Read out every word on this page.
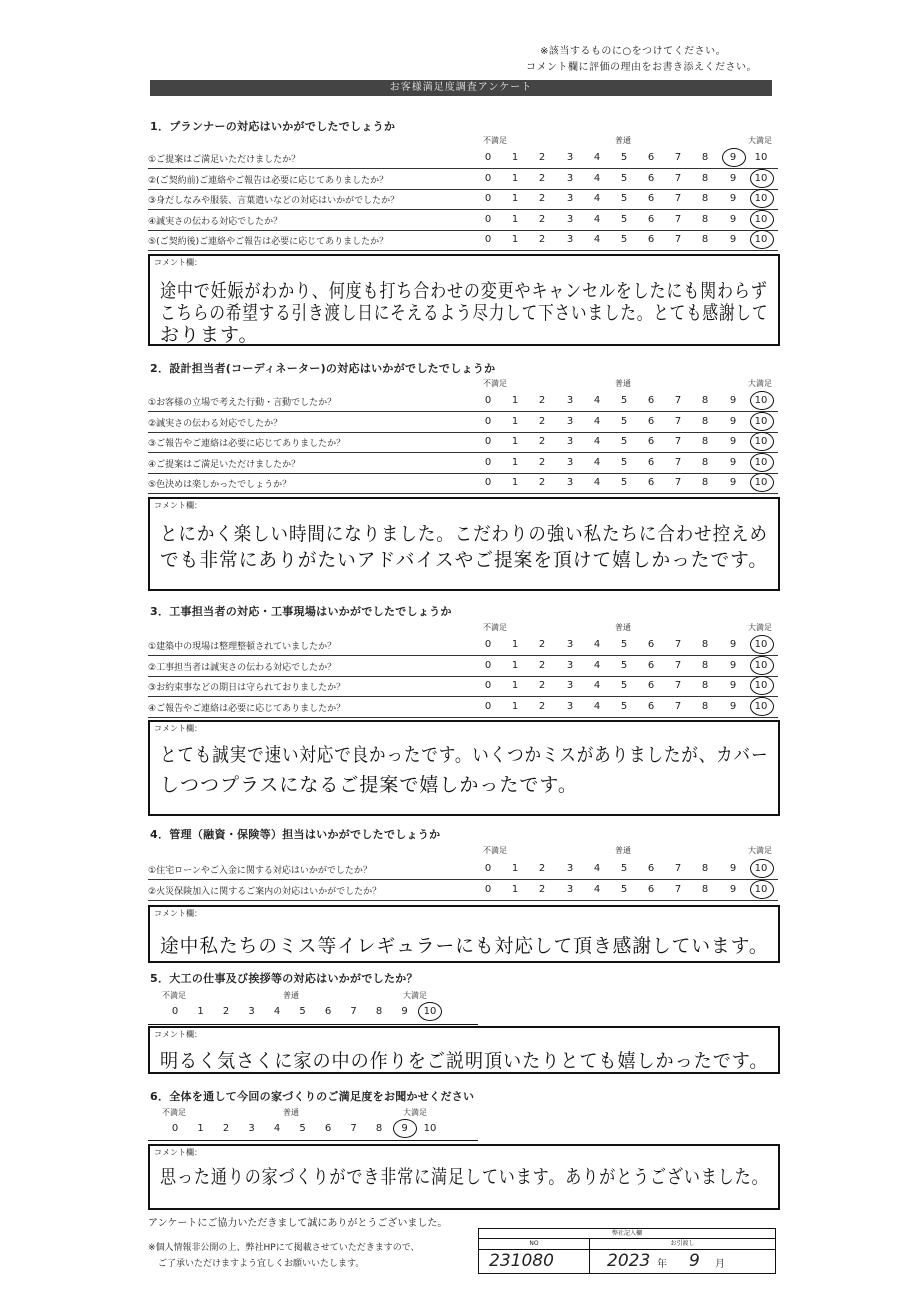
※該当するものに○をつけてください。
コメント欄に評価の理由をお書き添えください。
お客様満足度調査アンケート
1．プランナーの対応はいかがでしたでしょうか
不満足	普通	大満足
①ご提案はご満足いただけましたか？	0	1	2	3	4	5	6	7	8	9	10
②(ご契約前)ご連絡やご報告は必要に応じてありましたか？	0	1	2	3	4	5	6	7	8	9	10
③身だしなみや服装、言葉遣いなどの対応はいかがでしたか？	0	1	2	3	4	5	6	7	8	9	10
④誠実さの伝わる対応でしたか？	0	1	2	3	4	5	6	7	8	9	10
⑤(ご契約後)ご連絡やご報告は必要に応じてありましたか？	0	1	2	3	4	5	6	7	8	9	10
コメント欄：
途中で妊娠がわかり、何度も打ち合わせの変更やキャンセルをしたにも関わらず
こちらの希望する引き渡し日にそえるよう尽力して下さいました。とても感謝して
おります。
2．設計担当者(コーディネーター)の対応はいかがでしたでしょうか
不満足	普通	大満足
①お客様の立場で考えた行動・言動でしたか？	0	1	2	3	4	5	6	7	8	9	10
②誠実さの伝わる対応でしたか？	0	1	2	3	4	5	6	7	8	9	10
③ご報告やご連絡は必要に応じてありましたか？	0	1	2	3	4	5	6	7	8	9	10
④ご提案はご満足いただけましたか？	0	1	2	3	4	5	6	7	8	9	10
⑤色決めは楽しかったでしょうか？	0	1	2	3	4	5	6	7	8	9	10
コメント欄：
とにかく楽しい時間になりました。こだわりの強い私たちに合わせ控えめ
でも非常にありがたいアドバイスやご提案を頂けて嬉しかったです。
3．工事担当者の対応・工事現場はいかがでしたでしょうか
不満足	普通	大満足
①建築中の現場は整理整頓されていましたか？	0	1	2	3	4	5	6	7	8	9	10
②工事担当者は誠実さの伝わる対応でしたか？	0	1	2	3	4	5	6	7	8	9	10
③お約束事などの期日は守られておりましたか？	0	1	2	3	4	5	6	7	8	9	10
④ご報告やご連絡は必要に応じてありましたか？	0	1	2	3	4	5	6	7	8	9	10
コメント欄：
とても誠実で速い対応で良かったです。いくつかミスがありましたが、カバー
しつつプラスになるご提案で嬉しかったです。
4．管理（融資・保険等）担当はいかがでしたでしょうか
不満足	普通	大満足
①住宅ローンやご入金に関する対応はいかがでしたか？	0	1	2	3	4	5	6	7	8	9	10
②火災保険加入に関するご案内の対応はいかがでしたか？	0	1	2	3	4	5	6	7	8	9	10
コメント欄：
途中私たちのミス等イレギュラーにも対応して頂き感謝しています。
5．大工の仕事及び挨拶等の対応はいかがでしたか？
不満足	普通	大満足
0	1	2	3	4	5	6	7	8	9	10
コメント欄：
明るく気さくに家の中の作りをご説明頂いたりとても嬉しかったです。
6．全体を通して今回の家づくりのご満足度をお聞かせください
不満足	普通	大満足
0	1	2	3	4	5	6	7	8	9	10
コメント欄：
思った通りの家づくりができ非常に満足しています。ありがとうございました。
アンケートにご協力いただきまして誠にありがとうございました。
※個人情報非公開の上、弊社HPにて掲載させていただきますので、
ご了承いただけますよう宜しくお願いいたします。
弊社記入欄
NO	お引渡し
231080	2023 年 9 月
